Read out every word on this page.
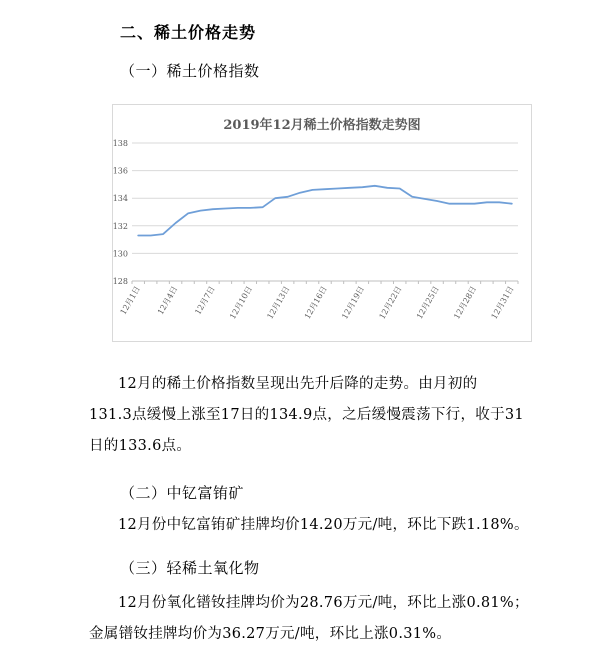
二、稀土价格走势
（一）稀土价格指数
2019年12月稀土价格指数走势图
128
130
132
134
136
138
12月1日 12月4日 12月7日 12月10日 12月13日 12月16日 12月19日 12月22日 12月25日 12月28日 12月31日
12月的稀土价格指数呈现出先升后降的走势。由月初的
131.3点缓慢上涨至17日的134.9点，之后缓慢震荡下行，收于31
日的133.6点。
（二）中钇富铕矿
12月份中钇富铕矿挂牌均价14.20万元/吨，环比下跌1.18%。
（三）轻稀土氧化物
12月份氧化镨钕挂牌均价为28.76万元/吨，环比上涨0.81%；
金属镨钕挂牌均价为36.27万元/吨，环比上涨0.31%。
